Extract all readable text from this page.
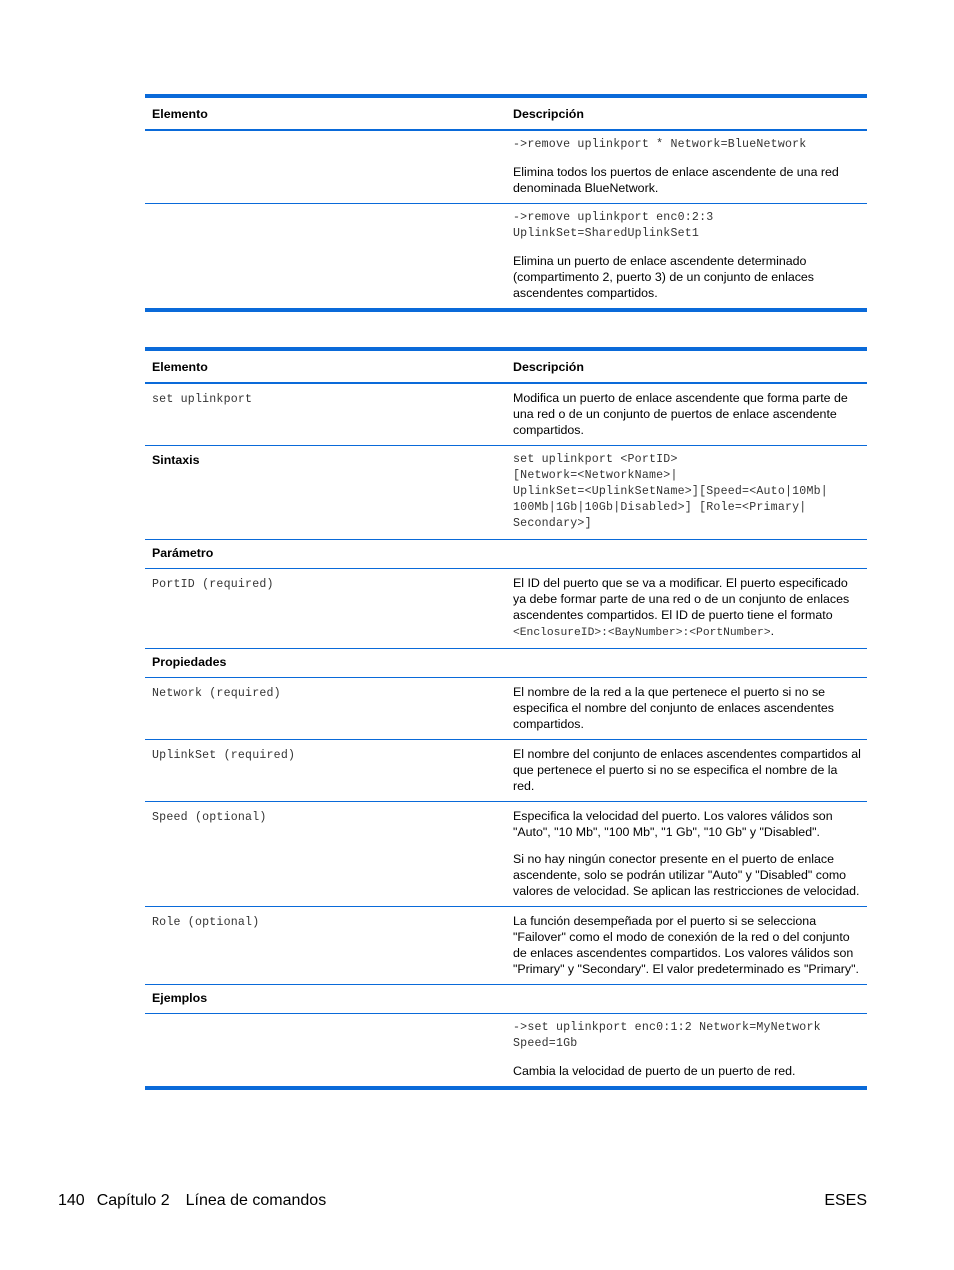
Elemento	Descripción

	->remove uplinkport * Network=BlueNetwork

Elimina todos los puertos de enlace ascendente de una red denominada BlueNetwork.

	->remove uplinkport enc0:2:3
UplinkSet=SharedUplinkSet1

Elimina un puerto de enlace ascendente determinado (compartimento 2, puerto 3) de un conjunto de enlaces ascendentes compartidos.

Elemento	Descripción
set uplinkport	Modifica un puerto de enlace ascendente que forma parte de una red o de un conjunto de puertos de enlace ascendente compartidos.
Sintaxis	set uplinkport <PortID>
[Network=<NetworkName>|
UplinkSet=<UplinkSetName>][Speed=<Auto|10Mb|
100Mb|1Gb|10Gb|Disabled>] [Role=<Primary|
Secondary>]

Parámetro	
PortID (required)	El ID del puerto que se va a modificar. El puerto especificado ya debe formar parte de una red o de un conjunto de enlaces ascendentes compartidos. El ID de puerto tiene el formato <EnclosureID>:<BayNumber>:<PortNumber>.
Propiedades	
Network (required)	El nombre de la red a la que pertenece el puerto si no se especifica el nombre del conjunto de enlaces ascendentes compartidos.

UplinkSet (required)	El nombre del conjunto de enlaces ascendentes compartidos al que pertenece el puerto si no se especifica el nombre de la red.

Speed (optional)	Especifica la velocidad del puerto. Los valores válidos son "Auto", "10 Mb", "100 Mb", "1 Gb", "10 Gb" y "Disabled".

Si no hay ningún conector presente en el puerto de enlace ascendente, solo se podrán utilizar "Auto" y "Disabled" como valores de velocidad. Se aplican las restricciones de velocidad.

Role (optional)	La función desempeñada por el puerto si se selecciona "Failover" como el modo de conexión de la red o del conjunto de enlaces ascendentes compartidos. Los valores válidos son "Primary" y "Secondary". El valor predeterminado es "Primary".

Ejemplos	

	->set uplinkport enc0:1:2 Network=MyNetwork
Speed=1Gb

Cambia la velocidad de puerto de un puerto de red.

140 Capítulo 2 Línea de comandos	ESES
